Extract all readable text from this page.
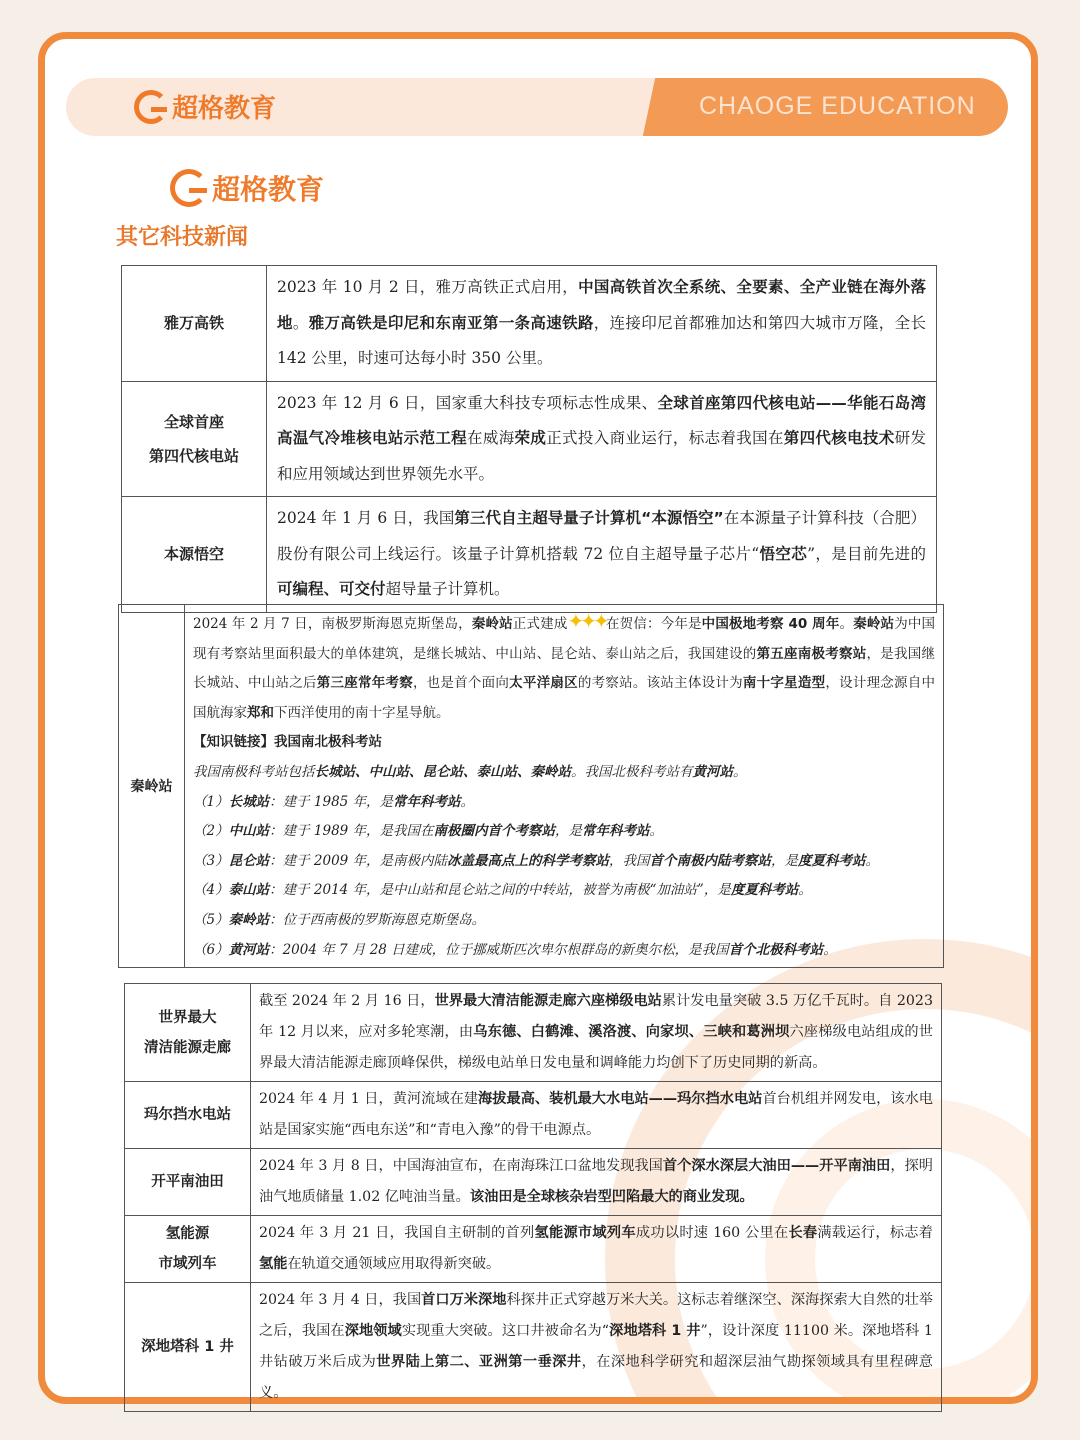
CHAOGE EDUCATION
超格教育
超格教育
其它科技新闻
雅万高铁	2023 年 10 月 2 日，雅万高铁正式启用，中国高铁首次全系统、全要素、全产业链在海外落地。雅万高铁是印尼和东南亚第一条高速铁路，连接印尼首都雅加达和第四大城市万隆，全长 142 公里，时速可达每小时 350 公里。

全球首座
第四代核电站	2023 年 12 月 6 日，国家重大科技专项标志性成果、全球首座第四代核电站——华能石岛湾高温气冷堆核电站示范工程在威海荣成正式投入商业运行，标志着我国在第四代核电技术研发和应用领域达到世界领先水平。

本源悟空	2024 年 1 月 6 日，我国第三代自主超导量子计算机“本源悟空”在本源量子计算科技（合肥）股份有限公司上线运行。该量子计算机搭载 72 位自主超导量子芯片“悟空芯”，是目前先进的可编程、可交付超导量子计算机。
秦岭站	
2024 年 2 月 7 日，南极罗斯海恩克斯堡岛，秦岭站正式建成✦✦✦在贺信：今年是中国极地考察 40 周年。秦岭站为中国现有考察站里面积最大的单体建筑，是继长城站、中山站、昆仑站、泰山站之后，我国建设的第五座南极考察站，是我国继长城站、中山站之后第三座常年考察，也是首个面向太平洋扇区的考察站。该站主体设计为南十字星造型，设计理念源自中国航海家郑和下西洋使用的南十字星导航。
【知识链接】我国南北极科考站
我国南极科考站包括长城站、中山站、昆仑站、泰山站、秦岭站。我国北极科考站有黄河站。
（1）长城站：建于 1985 年，是常年科考站。
（2）中山站：建于 1989 年，是我国在南极圈内首个考察站，是常年科考站。
（3）昆仑站：建于 2009 年，是南极内陆冰盖最高点上的科学考察站，我国首个南极内陆考察站，是度夏科考站。
（4）泰山站：建于 2014 年，是中山站和昆仑站之间的中转站，被誉为南极“加油站”，是度夏科考站。
（5）秦岭站：位于西南极的罗斯海恩克斯堡岛。
（6）黄河站：2004 年 7 月 28 日建成，位于挪威斯匹次卑尔根群岛的新奥尔松，是我国首个北极科考站。
世界最大
清洁能源走廊	截至 2024 年 2 月 16 日，世界最大清洁能源走廊六座梯级电站累计发电量突破 3.5 万亿千瓦时。自 2023 年 12 月以来，应对多轮寒潮，由乌东德、白鹤滩、溪洛渡、向家坝、三峡和葛洲坝六座梯级电站组成的世界最大清洁能源走廊顶峰保供，梯级电站单日发电量和调峰能力均创下了历史同期的新高。

玛尔挡水电站	2024 年 4 月 1 日，黄河流域在建海拔最高、装机最大水电站——玛尔挡水电站首台机组并网发电，该水电站是国家实施“西电东送”和“青电入豫”的骨干电源点。

开平南油田	2024 年 3 月 8 日，中国海油宣布，在南海珠江口盆地发现我国首个深水深层大油田——开平南油田，探明油气地质储量 1.02 亿吨油当量。该油田是全球核杂岩型凹陷最大的商业发现。

氢能源
市域列车	2024 年 3 月 21 日，我国自主研制的首列氢能源市域列车成功以时速 160 公里在长春满载运行，标志着氢能在轨道交通领域应用取得新突破。

深地塔科 1 井	2024 年 3 月 4 日，我国首口万米深地科探井正式穿越万米大关。这标志着继深空、深海探索大自然的壮举之后，我国在深地领域实现重大突破。这口井被命名为“深地塔科 1 井”，设计深度 11100 米。深地塔科 1 井钻破万米后成为世界陆上第二、亚洲第一垂深井，在深地科学研究和超深层油气勘探领域具有里程碑意义。
